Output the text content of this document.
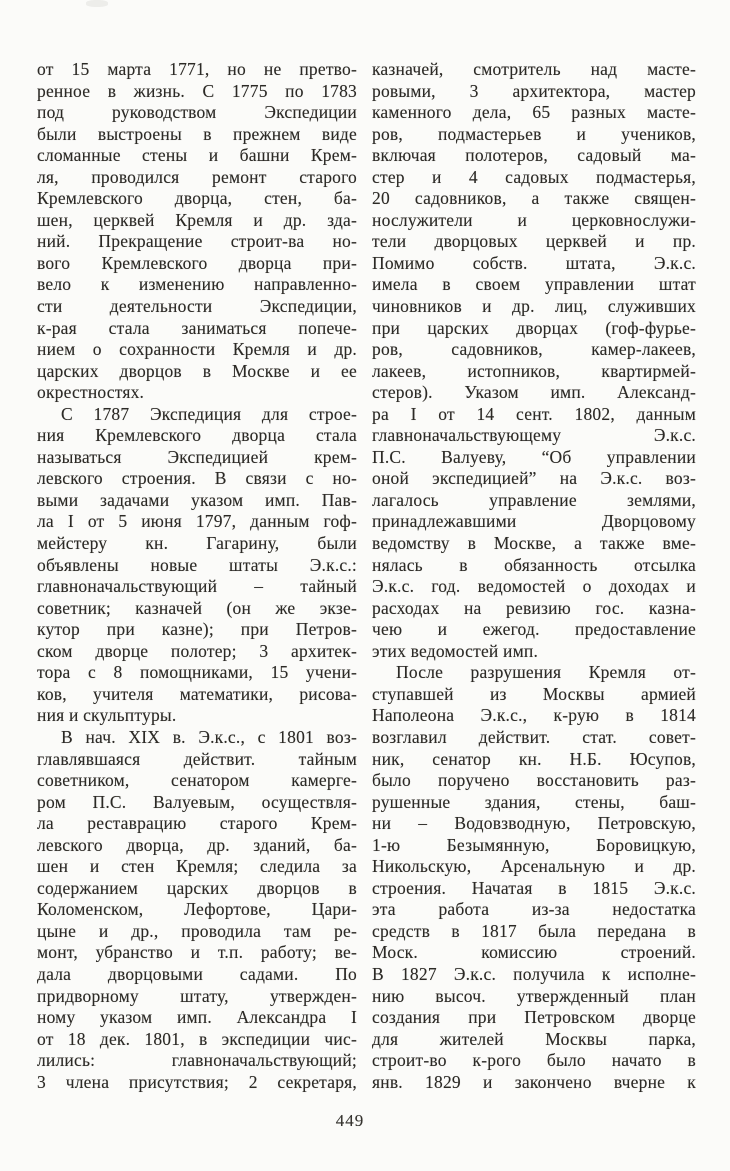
от 15 марта 1771, но не претво-
ренное в жизнь. С 1775 по 1783
под руководством Экспедиции
были выстроены в прежнем виде
сломанные стены и башни Крем-
ля, проводился ремонт старого
Кремлевского дворца, стен, ба-
шен, церквей Кремля и др. зда-
ний. Прекращение строит-ва но-
вого Кремлевского дворца при-
вело к изменению направленно-
сти деятельности Экспедиции,
к-рая стала заниматься попече-
нием о сохранности Кремля и др.
царских дворцов в Москве и ее
окрестностях.
С 1787 Экспедиция для строе-
ния Кремлевского дворца стала
называться Экспедицией крем-
левского строения. В связи с но-
выми задачами указом имп. Пав-
ла I от 5 июня 1797, данным гоф-
мейстеру кн. Гагарину, были
объявлены новые штаты Э.к.с.:
главноначальствующий – тайный
советник; казначей (он же экзе-
кутор при казне); при Петров-
ском дворце полотер; 3 архитек-
тора с 8 помощниками, 15 учени-
ков, учителя математики, рисова-
ния и скульптуры.
В нач. XIX в. Э.к.с., с 1801 воз-
главлявшаяся действит. тайным
советником, сенатором камерге-
ром П.С. Валуевым, осуществля-
ла реставрацию старого Крем-
левского дворца, др. зданий, ба-
шен и стен Кремля; следила за
содержанием царских дворцов в
Коломенском, Лефортове, Цари-
цыне и др., проводила там ре-
монт, убранство и т.п. работу; ве-
дала дворцовыми садами. По
придворному штату, утвержден-
ному указом имп. Александра I
от 18 дек. 1801, в экспедиции чис-
лились: главноначальствующий;
3 члена присутствия; 2 секретаря,
казначей, смотритель над масте-
ровыми, 3 архитектора, мастер
каменного дела, 65 разных масте-
ров, подмастерьев и учеников,
включая полотеров, садовый ма-
стер и 4 садовых подмастерья,
20 садовников, а также священ-
нослужители и церковнослужи-
тели дворцовых церквей и пр.
Помимо собств. штата, Э.к.с.
имела в своем управлении штат
чиновников и др. лиц, служивших
при царских дворцах (гоф-фурье-
ров, садовников, камер-лакеев,
лакеев, истопников, квартирмей-
стеров). Указом имп. Александ-
ра I от 14 сент. 1802, данным
главноначальствующему Э.к.с.
П.С. Валуеву, “Об управлении
оной экспедицией” на Э.к.с. воз-
лагалось управление землями,
принадлежавшими Дворцовому
ведомству в Москве, а также вме-
нялась в обязанность отсылка
Э.к.с. год. ведомостей о доходах и
расходах на ревизию гос. казна-
чею и ежегод. предоставление
этих ведомостей имп.
После разрушения Кремля от-
ступавшей из Москвы армией
Наполеона Э.к.с., к-рую в 1814
возглавил действит. стат. совет-
ник, сенатор кн. Н.Б. Юсупов,
было поручено восстановить раз-
рушенные здания, стены, баш-
ни – Водовзводную, Петровскую,
1-ю Безымянную, Боровицкую,
Никольскую, Арсенальную и др.
строения. Начатая в 1815 Э.к.с.
эта работа из-за недостатка
средств в 1817 была передана в
Моск. комиссию строений.
В 1827 Э.к.с. получила к исполне-
нию высоч. утвержденный план
создания при Петровском дворце
для жителей Москвы парка,
строит-во к-рого было начато в
янв. 1829 и закончено вчерне к
449
